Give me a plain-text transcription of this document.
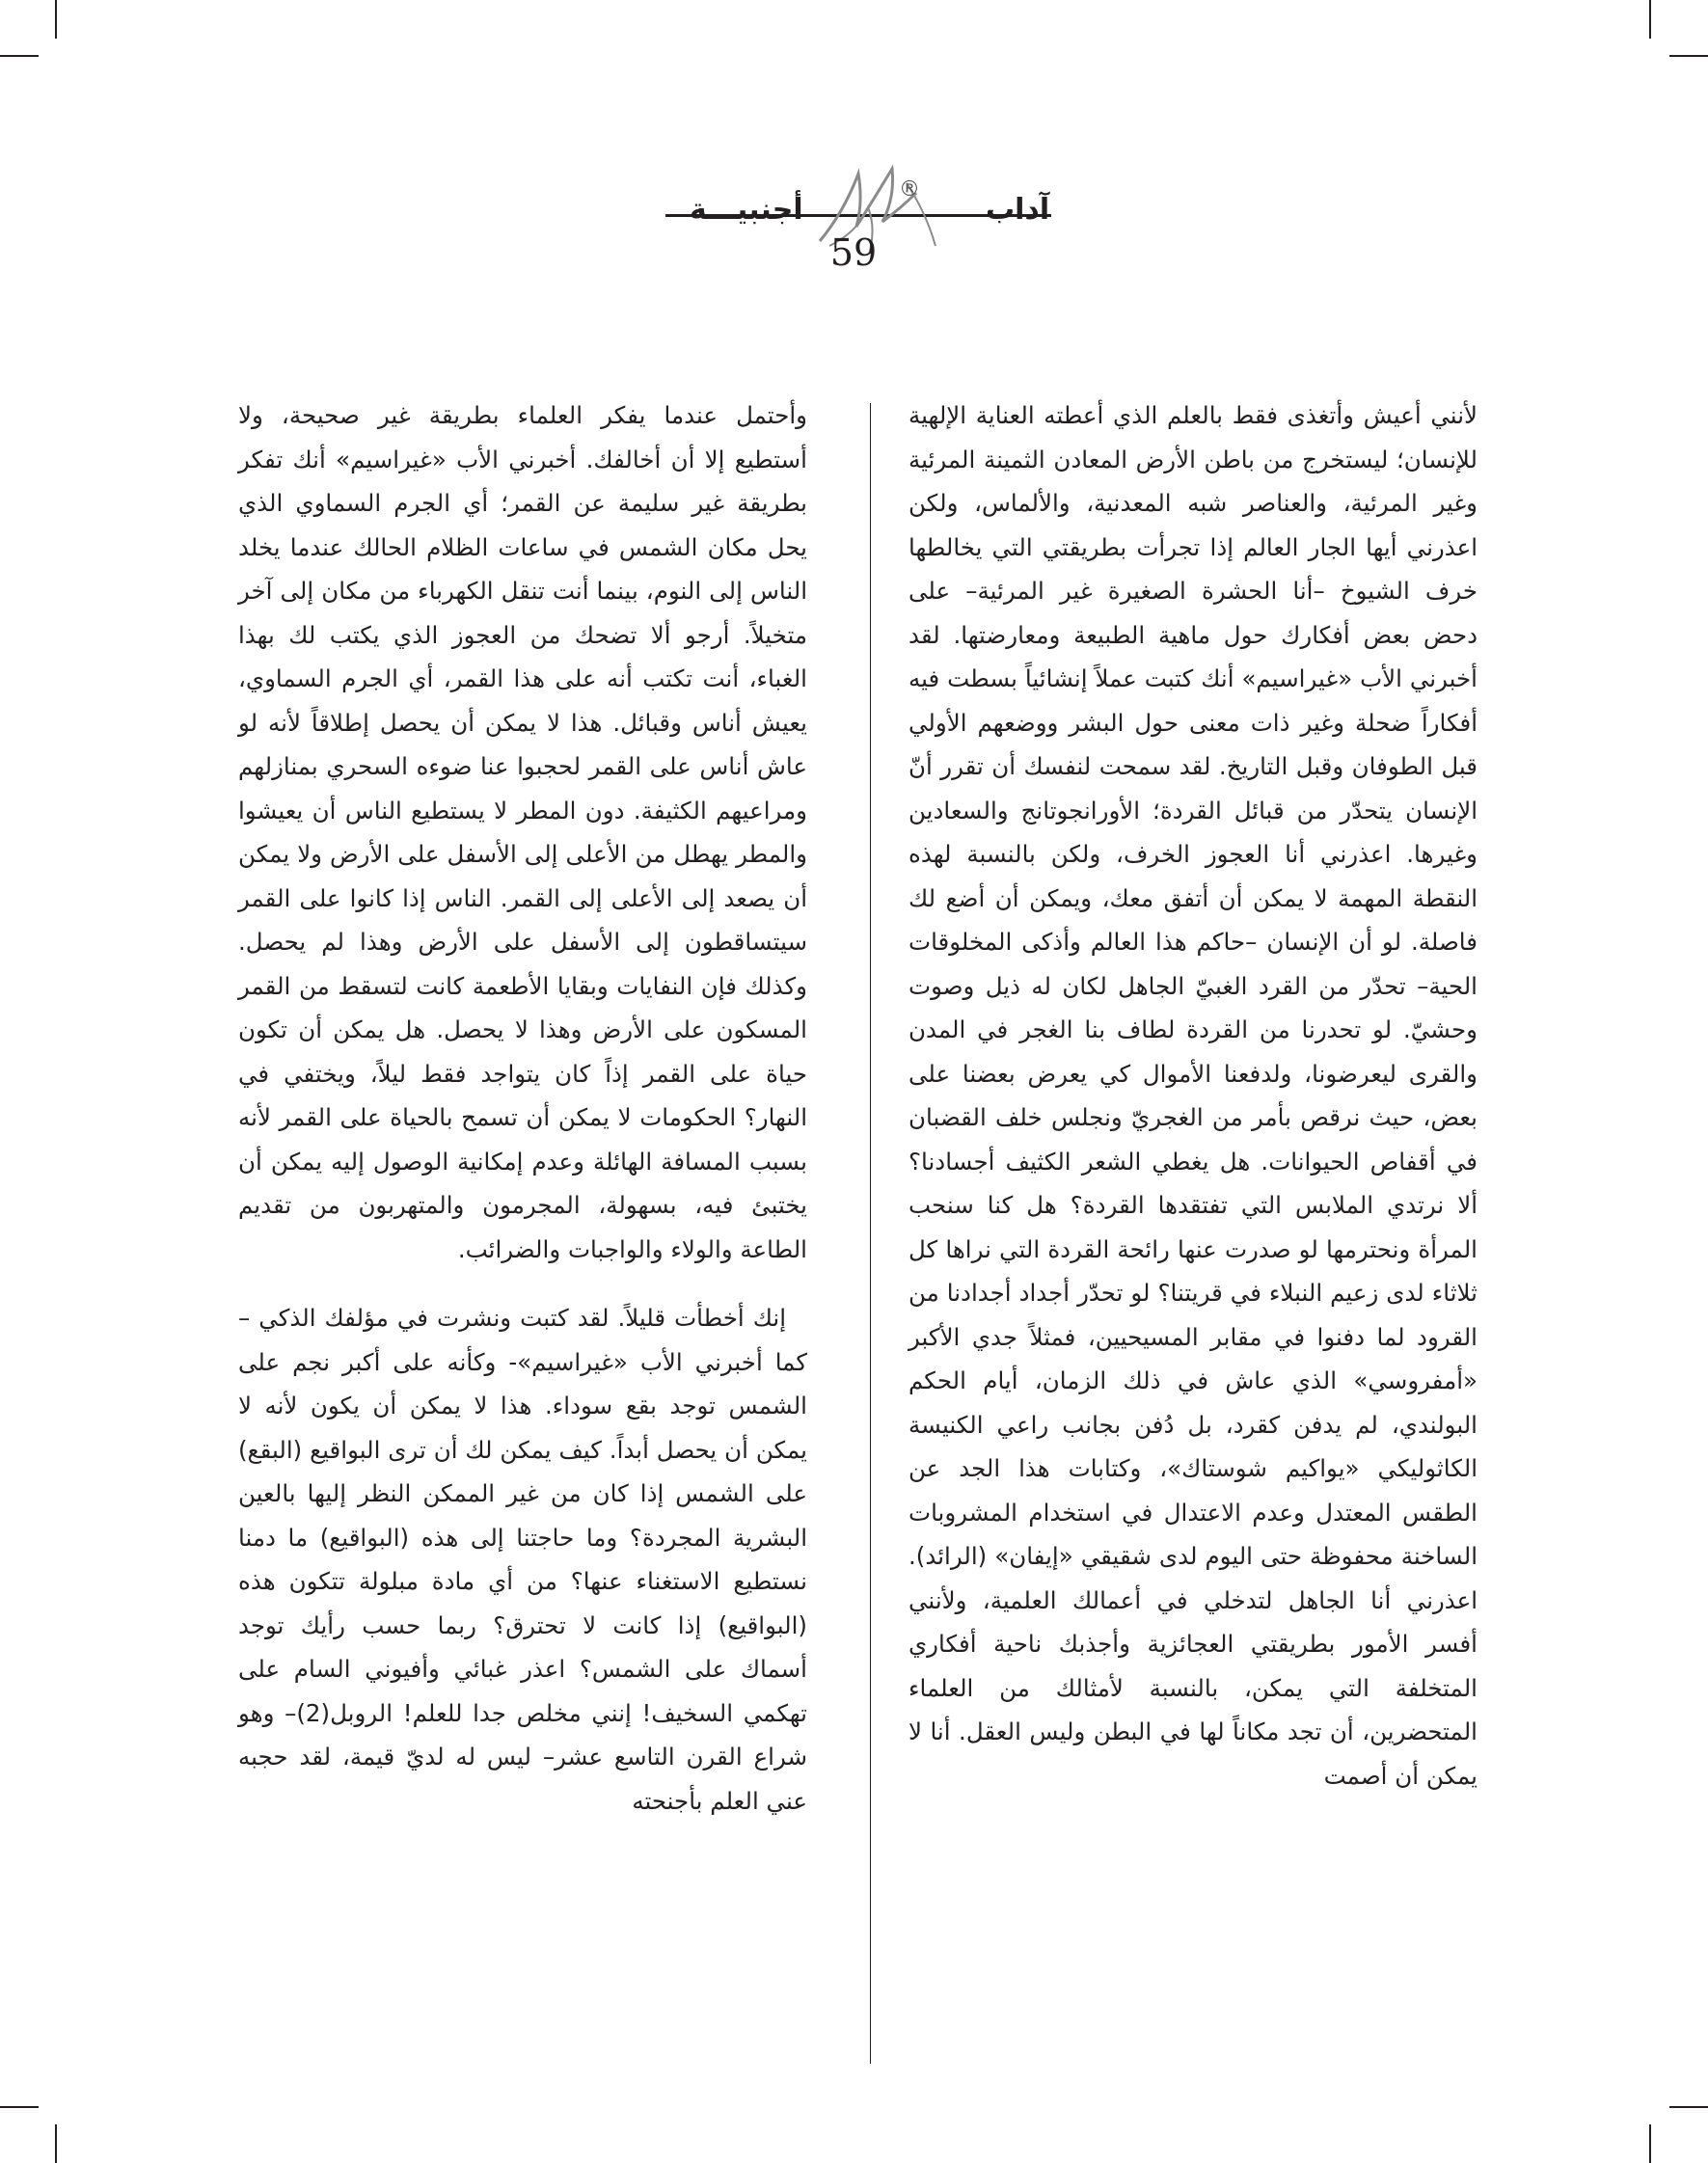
®
أجنبيـــة	آداب
59

لأنني أعيش وأتغذى فقط بالعلم الذي أعطته العناية الإلهية للإنسان؛ ليستخرج من باطن الأرض المعادن الثمينة المرئية وغير المرئية، والعناصر شبه المعدنية، والألماس، ولكن اعذرني أيها الجار العالم إذا تجرأت بطريقتي التي يخالطها خرف الشيوخ –أنا الحشرة الصغيرة غير المرئية– على دحض بعض أفكارك حول ماهية الطبيعة ومعارضتها. لقد أخبرني الأب «غيراسيم» أنك كتبت عملاً إنشائياً بسطت فيه أفكاراً ضحلة وغير ذات معنى حول البشر ووضعهم الأولي قبل الطوفان وقبل التاريخ. لقد سمحت لنفسك أن تقرر أنّ الإنسان يتحدّر من قبائل القردة؛ الأورانجوتانج والسعادين وغيرها. اعذرني أنا العجوز الخرف، ولكن بالنسبة لهذه النقطة المهمة لا يمكن أن أتفق معك، ويمكن أن أضع لك فاصلة. لو أن الإنسان –حاكم هذا العالم وأذكى المخلوقات الحية– تحدّر من القرد الغبيّ الجاهل لكان له ذيل وصوت وحشيّ. لو تحدرنا من القردة لطاف بنا الغجر في المدن والقرى ليعرضونا، ولدفعنا الأموال كي يعرض بعضنا على بعض، حيث نرقص بأمر من الغجريّ ونجلس خلف القضبان في أقفاص الحيوانات. هل يغطي الشعر الكثيف أجسادنا؟ ألا نرتدي الملابس التي تفتقدها القردة؟ هل كنا سنحب المرأة ونحترمها لو صدرت عنها رائحة القردة التي نراها كل ثلاثاء لدى زعيم النبلاء في قريتنا؟ لو تحدّر أجداد أجدادنا من القرود لما دفنوا في مقابر المسيحيين، فمثلاً جدي الأكبر «أمفروسي» الذي عاش في ذلك الزمان، أيام الحكم البولندي، لم يدفن كقرد، بل دُفن بجانب راعي الكنيسة الكاثوليكي «يواكيم شوستاك»، وكتابات هذا الجد عن الطقس المعتدل وعدم الاعتدال في استخدام المشروبات الساخنة محفوظة حتى اليوم لدى شقيقي «إيفان» (الرائد). اعذرني أنا الجاهل لتدخلي في أعمالك العلمية، ولأنني أفسر الأمور بطريقتي العجائزية وأجذبك ناحية أفكاري المتخلفة التي يمكن، بالنسبة لأمثالك من العلماء المتحضرين، أن تجد مكاناً لها في البطن وليس العقل. أنا لا يمكن أن أصمت

وأحتمل عندما يفكر العلماء بطريقة غير صحيحة، ولا أستطيع إلا أن أخالفك. أخبرني الأب «غيراسيم» أنك تفكر بطريقة غير سليمة عن القمر؛ أي الجرم السماوي الذي يحل مكان الشمس في ساعات الظلام الحالك عندما يخلد الناس إلى النوم، بينما أنت تنقل الكهرباء من مكان إلى آخر متخيلاً. أرجو ألا تضحك من العجوز الذي يكتب لك بهذا الغباء، أنت تكتب أنه على هذا القمر، أي الجرم السماوي، يعيش أناس وقبائل. هذا لا يمكن أن يحصل إطلاقاً لأنه لو عاش أناس على القمر لحجبوا عنا ضوءه السحري بمنازلهم ومراعيهم الكثيفة. دون المطر لا يستطيع الناس أن يعيشوا والمطر يهطل من الأعلى إلى الأسفل على الأرض ولا يمكن أن يصعد إلى الأعلى إلى القمر. الناس إذا كانوا على القمر سيتساقطون إلى الأسفل على الأرض وهذا لم يحصل. وكذلك فإن النفايات وبقايا الأطعمة كانت لتسقط من القمر المسكون على الأرض وهذا لا يحصل. هل يمكن أن تكون حياة على القمر إذاً كان يتواجد فقط ليلاً، ويختفي في النهار؟ الحكومات لا يمكن أن تسمح بالحياة على القمر لأنه بسبب المسافة الهائلة وعدم إمكانية الوصول إليه يمكن أن يختبئ فيه، بسهولة، المجرمون والمتهربون من تقديم الطاعة والولاء والواجبات والضرائب.

إنك أخطأت قليلاً. لقد كتبت ونشرت في مؤلفك الذكي – كما أخبرني الأب «غيراسيم»- وكأنه على أكبر نجم على الشمس توجد بقع سوداء. هذا لا يمكن أن يكون لأنه لا يمكن أن يحصل أبداً. كيف يمكن لك أن ترى البواقيع (البقع) على الشمس إذا كان من غير الممكن النظر إليها بالعين البشرية المجردة؟ وما حاجتنا إلى هذه (البواقيع) ما دمنا نستطيع الاستغناء عنها؟ من أي مادة مبلولة تتكون هذه (البواقيع) إذا كانت لا تحترق؟ ربما حسب رأيك توجد أسماك على الشمس؟ اعذر غبائي وأفيوني السام على تهكمي السخيف! إنني مخلص جدا للعلم! الروبل(2)– وهو شراع القرن التاسع عشر– ليس له لديّ قيمة، لقد حجبه عني العلم بأجنحته
